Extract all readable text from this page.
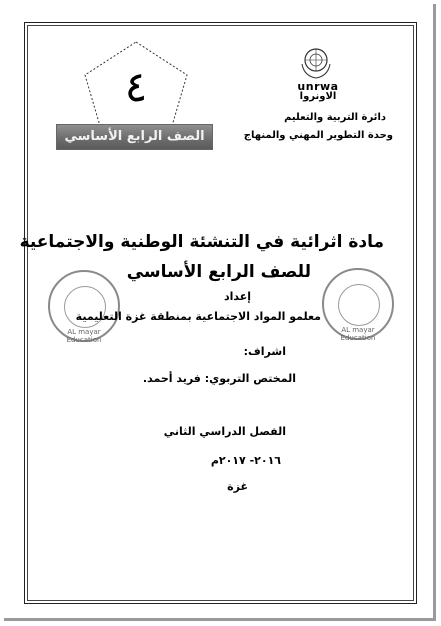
٤
الصف الرابع الأساسي
unrwa
الاونروا
دائرة التربية والتعليم
وحدة التطوير المهني والمنهاج
AL mayar Education
AL mayar Education
مادة اثرائية في التنشئة الوطنية والاجتماعية
للصف الرابع الأساسي
إعداد
معلمو المواد الاجتماعية بمنطقة غزة التعليمية
اشراف:
المختص التربوي: فريد أحمد.
الفصل الدراسي الثاني
٢٠١٦- ٢٠١٧م
غزة
